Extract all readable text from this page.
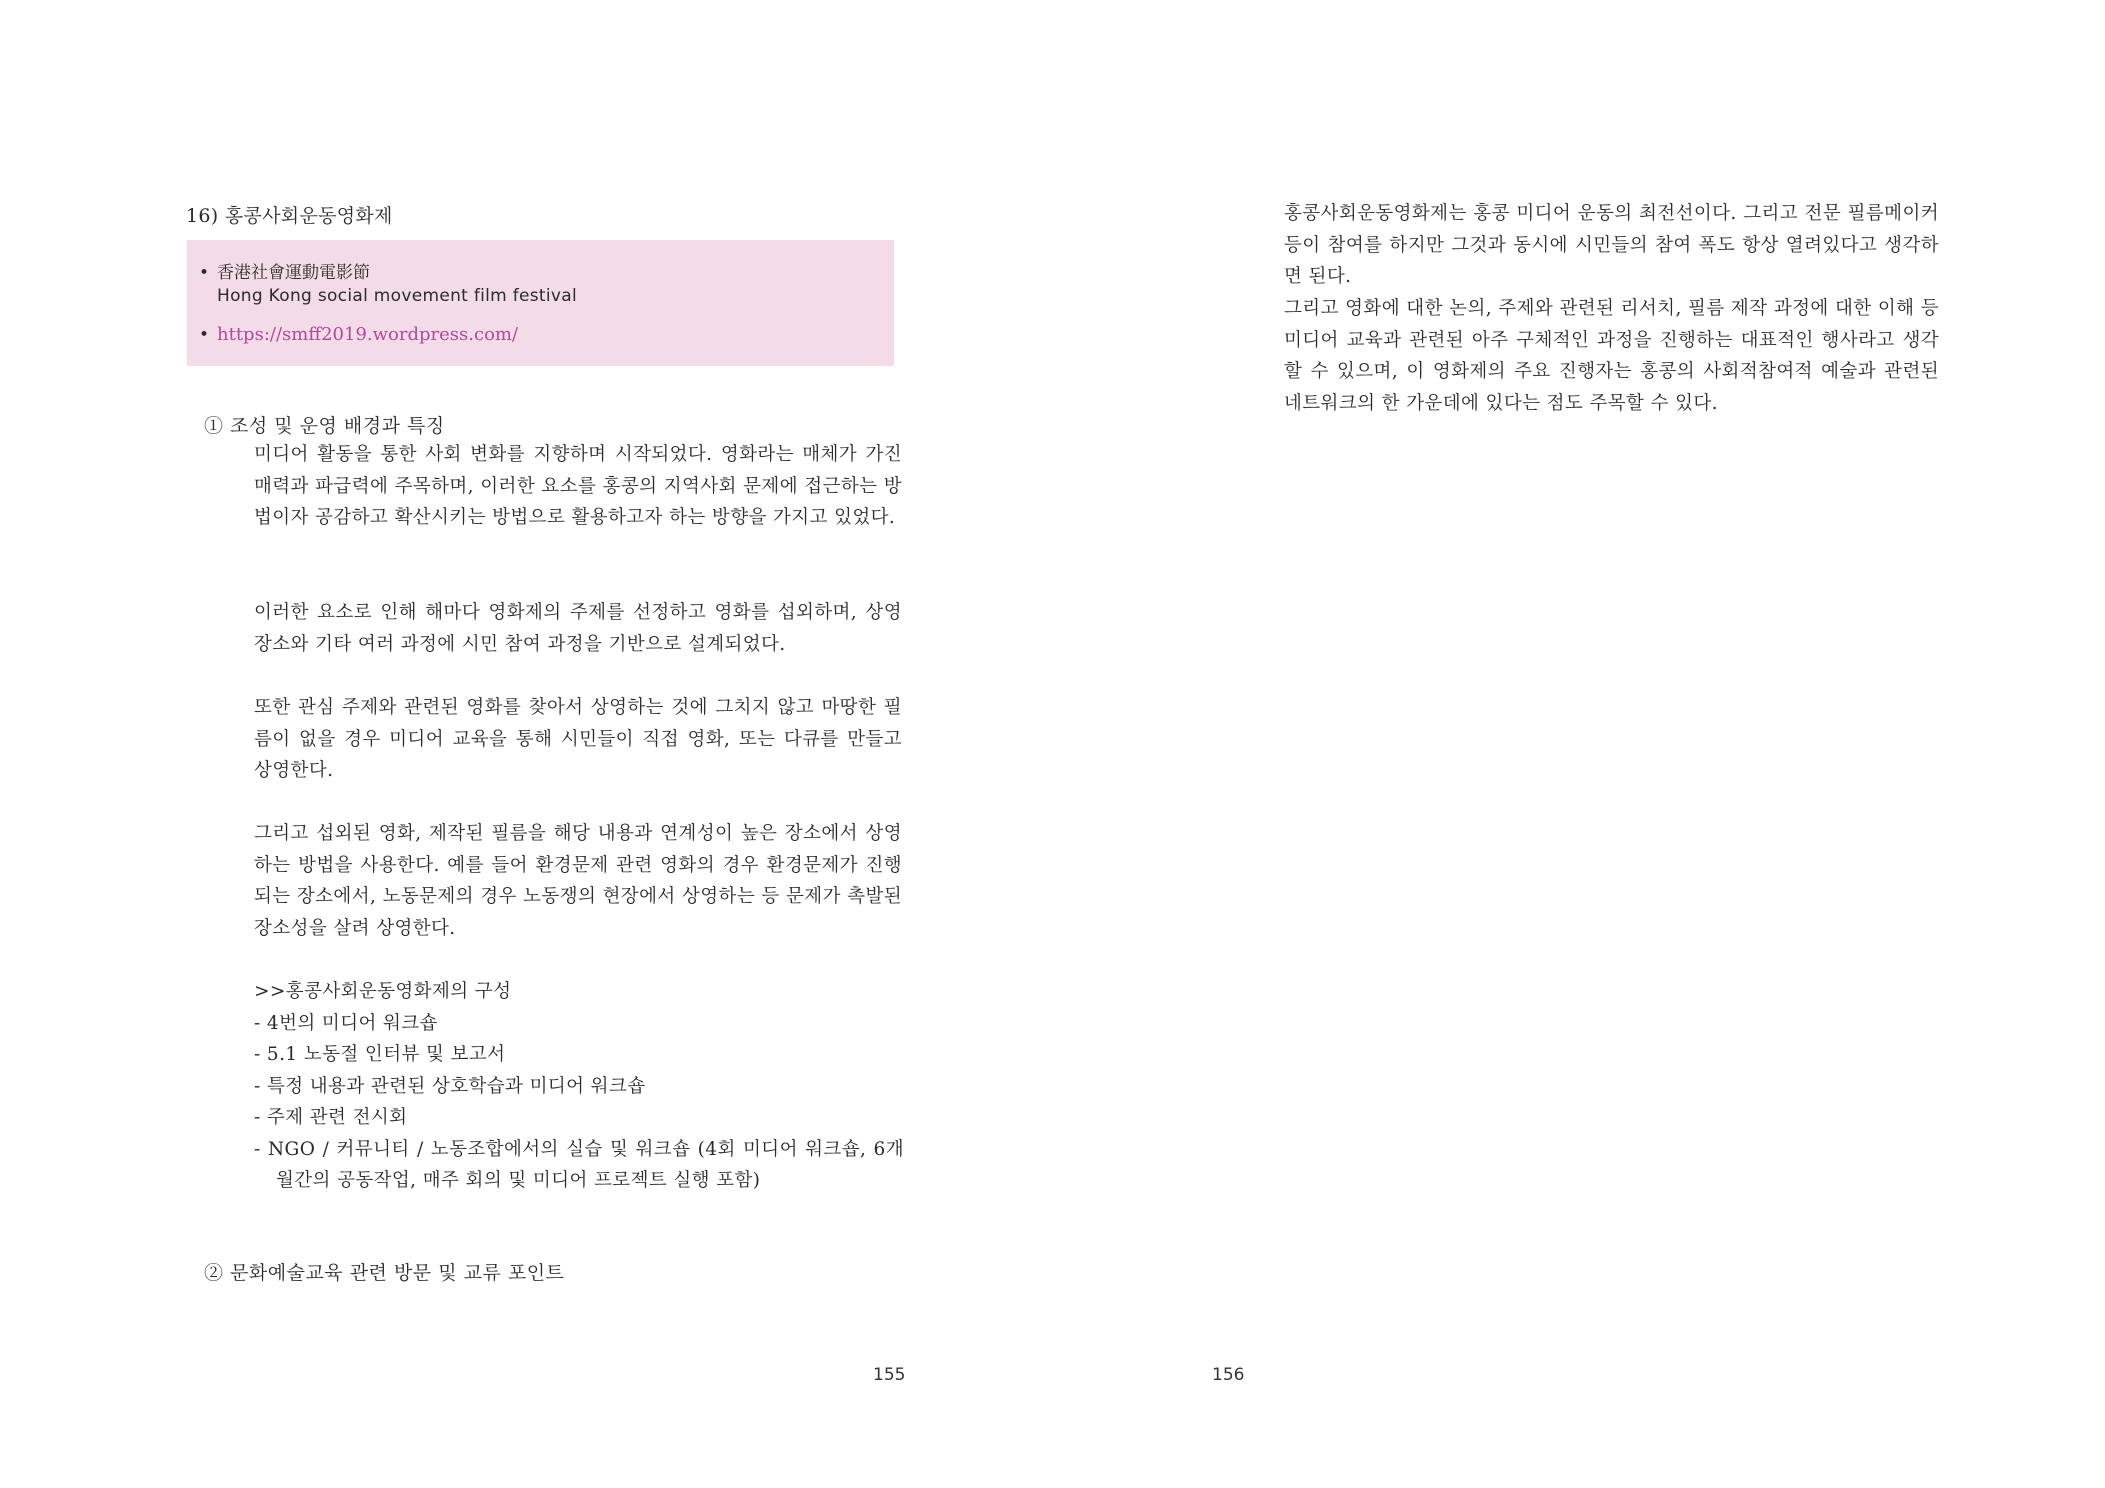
16) 홍콩사회운동영화제
• 香港社會運動電影節
Hong Kong social movement film festival
• https://smff2019.wordpress.com/
① 조성 및 운영 배경과 특징

미디어 활동을 통한 사회 변화를 지향하며 시작되었다. 영화라는 매체가 가진 매력과 파급력에 주목하며, 이러한 요소를 홍콩의 지역사회 문제에 접근하는 방법이자 공감하고 확산시키는 방법으로 활용하고자 하는 방향을 가지고 있었다.

이러한 요소로 인해 해마다 영화제의 주제를 선정하고 영화를 섭외하며, 상영 장소와 기타 여러 과정에 시민 참여 과정을 기반으로 설계되었다.

또한 관심 주제와 관련된 영화를 찾아서 상영하는 것에 그치지 않고 마땅한 필름이 없을 경우 미디어 교육을 통해 시민들이 직접 영화, 또는 다큐를 만들고 상영한다.

그리고 섭외된 영화, 제작된 필름을 해당 내용과 연계성이 높은 장소에서 상영하는 방법을 사용한다. 예를 들어 환경문제 관련 영화의 경우 환경문제가 진행되는 장소에서, 노동문제의 경우 노동쟁의 현장에서 상영하는 등 문제가 촉발된 장소성을 살려 상영한다.

>>홍콩사회운동영화제의 구성
- 4번의 미디어 워크숍
- 5.1 노동절 인터뷰 및 보고서
- 특정 내용과 관련된 상호학습과 미디어 워크숍
- 주제 관련 전시회
- NGO / 커뮤니티 / 노동조합에서의 실습 및 워크숍 (4회 미디어 워크숍, 6개월간의 공동작업, 매주 회의 및 미디어 프로젝트 실행 포함)
② 문화예술교육 관련 방문 및 교류 포인트
155

홍콩사회운동영화제는 홍콩 미디어 운동의 최전선이다. 그리고 전문 필름메이커 등이 참여를 하지만 그것과 동시에 시민들의 참여 폭도 항상 열려있다고 생각하면 된다.

그리고 영화에 대한 논의, 주제와 관련된 리서치, 필름 제작 과정에 대한 이해 등 미디어 교육과 관련된 아주 구체적인 과정을 진행하는 대표적인 행사라고 생각할 수 있으며, 이 영화제의 주요 진행자는 홍콩의 사회적참여적 예술과 관련된 네트워크의 한 가운데에 있다는 점도 주목할 수 있다.

156
